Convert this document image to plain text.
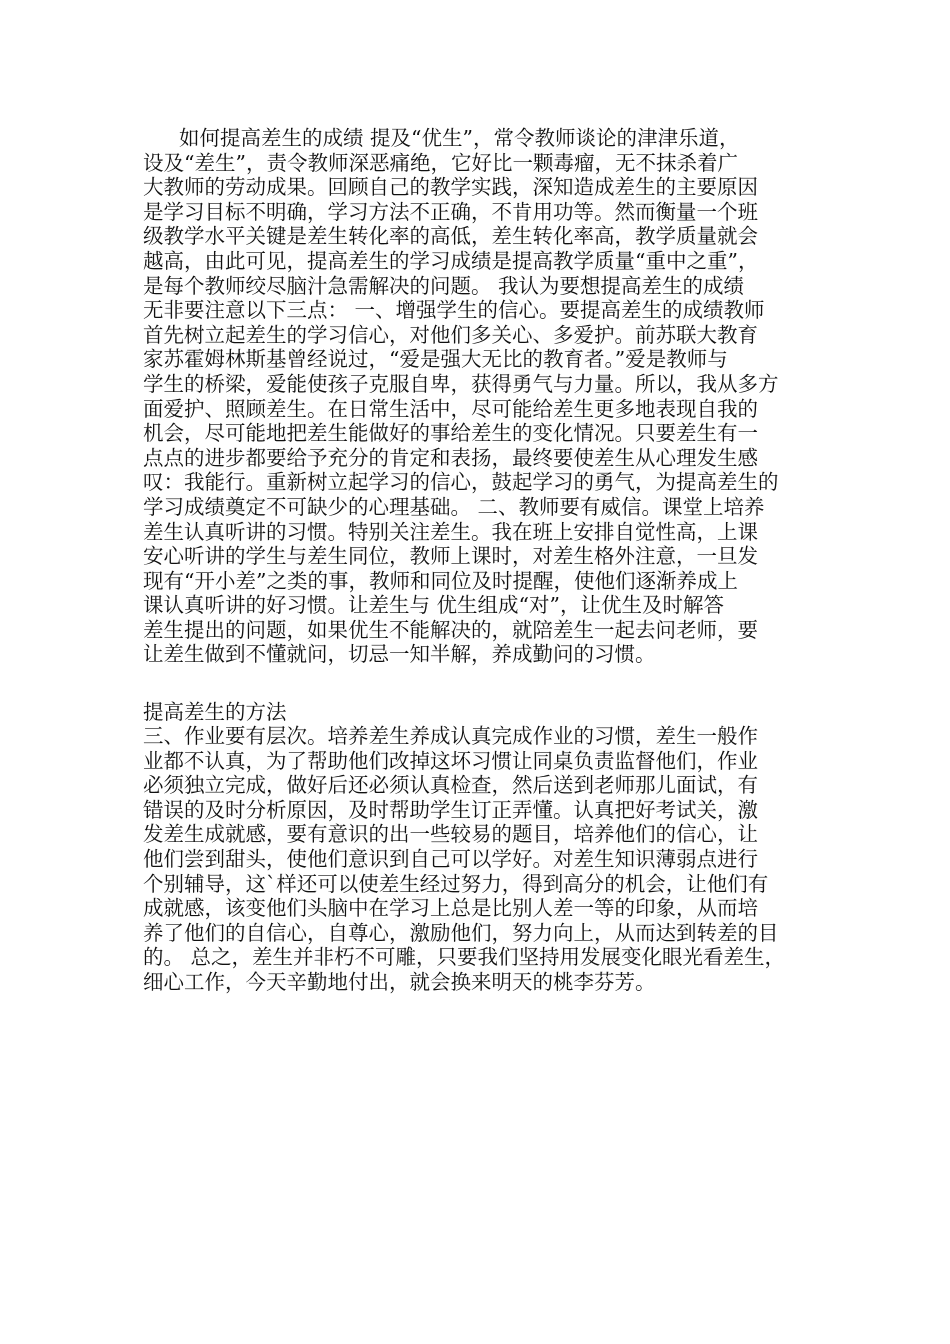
如何提高差生的成绩 提及“优生”，常令教师谈论的津津乐道，
设及“差生”，责令教师深恶痛绝，它好比一颗毒瘤，无不抹杀着广
大教师的劳动成果。回顾自己的教学实践，深知造成差生的主要原因
是学习目标不明确，学习方法不正确，不肯用功等。然而衡量一个班
级教学水平关键是差生转化率的高低，差生转化率高，教学质量就会
越高，由此可见，提高差生的学习成绩是提高教学质量“重中之重”，
是每个教师绞尽脑汁急需解决的问题。 我认为要想提高差生的成绩
无非要注意以下三点： 一、增强学生的信心。要提高差生的成绩教师
首先树立起差生的学习信心，对他们多关心、多爱护。前苏联大教育
家苏霍姆林斯基曾经说过，“爱是强大无比的教育者。”爱是教师与
学生的桥梁，爱能使孩子克服自卑，获得勇气与力量。所以，我从多方
面爱护、照顾差生。在日常生活中，尽可能给差生更多地表现自我的
机会，尽可能地把差生能做好的事给差生的变化情况。只要差生有一
点点的进步都要给予充分的肯定和表扬，最终要使差生从心理发生感
叹：我能行。重新树立起学习的信心，鼓起学习的勇气，为提高差生的
学习成绩奠定不可缺少的心理基础。 二、教师要有威信。课堂上培养
差生认真听讲的习惯。特别关注差生。我在班上安排自觉性高，上课
安心听讲的学生与差生同位，教师上课时，对差生格外注意，一旦发
现有“开小差”之类的事，教师和同位及时提醒，使他们逐渐养成上
课认真听讲的好习惯。让差生与 优生组成“对”，让优生及时解答
差生提出的问题，如果优生不能解决的，就陪差生一起去问老师，要
让差生做到不懂就问，切忌一知半解，养成勤问的习惯。
提高差生的方法
三、作业要有层次。培养差生养成认真完成作业的习惯，差生一般作
业都不认真，为了帮助他们改掉这坏习惯让同桌负责监督他们，作业
必须独立完成，做好后还必须认真检查，然后送到老师那儿面试，有
错误的及时分析原因，及时帮助学生订正弄懂。认真把好考试关，激
发差生成就感，要有意识的出一些较易的题目，培养他们的信心，让
他们尝到甜头，使他们意识到自己可以学好。对差生知识薄弱点进行
个别辅导，这`样还可以使差生经过努力，得到高分的机会，让他们有
成就感，该变他们头脑中在学习上总是比别人差一等的印象，从而培
养了他们的自信心，自尊心，激励他们，努力向上，从而达到转差的目
的。 总之，差生并非朽不可雕，只要我们坚持用发展变化眼光看差生，
细心工作，今天辛勤地付出，就会换来明天的桃李芬芳。
